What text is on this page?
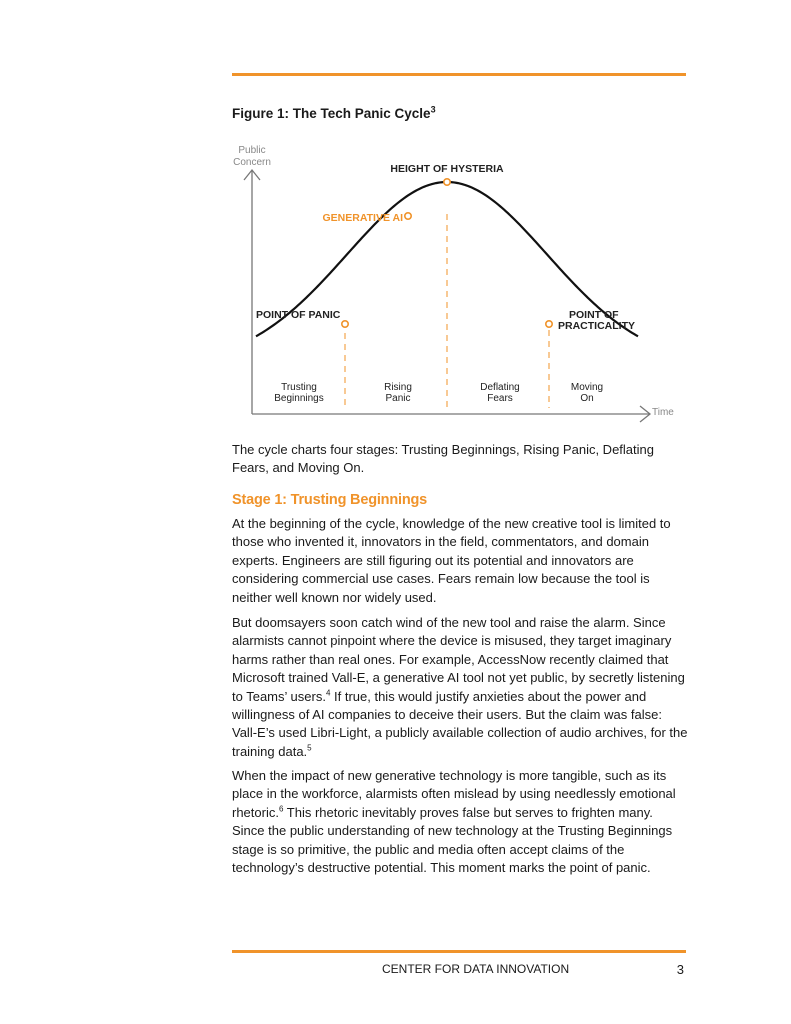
Figure 1: The Tech Panic Cycle$^3$
Public
Concern
Time
POINT OF PANIC
GENERATIVE AI
HEIGHT OF HYSTERIA
POINT OF
PRACTICALITY
Trusting
Beginnings
Rising
Panic
Deflating
Fears
Moving
On
The cycle charts four stages: Trusting Beginnings, Rising Panic, Deflating Fears, and Moving On.
Stage 1: Trusting Beginnings
At the beginning of the cycle, knowledge of the new creative tool is limited to those who invented it, innovators in the field, commentators, and domain experts. Engineers are still figuring out its potential and innovators are considering commercial use cases. Fears remain low because the tool is neither well known nor widely used.
But doomsayers soon catch wind of the new tool and raise the alarm. Since alarmists cannot pinpoint where the device is misused, they target imaginary harms rather than real ones. For example, AccessNow recently claimed that Microsoft trained Vall-E, a generative AI tool not yet public, by secretly listening to Teams’ users.$^4$ If true, this would justify anxieties about the power and willingness of AI companies to deceive their users. But the claim was false: Vall-E’s used Libri-Light, a publicly available collection of audio archives, for the training data.$^5$
When the impact of new generative technology is more tangible, such as its place in the workforce, alarmists often mislead by using needlessly emotional rhetoric.$^6$ This rhetoric inevitably proves false but serves to frighten many. Since the public understanding of new technology at the Trusting Beginnings stage is so primitive, the public and media often accept claims of the technology’s destructive potential. This moment marks the point of panic.
CENTER FOR DATA INNOVATION	3
